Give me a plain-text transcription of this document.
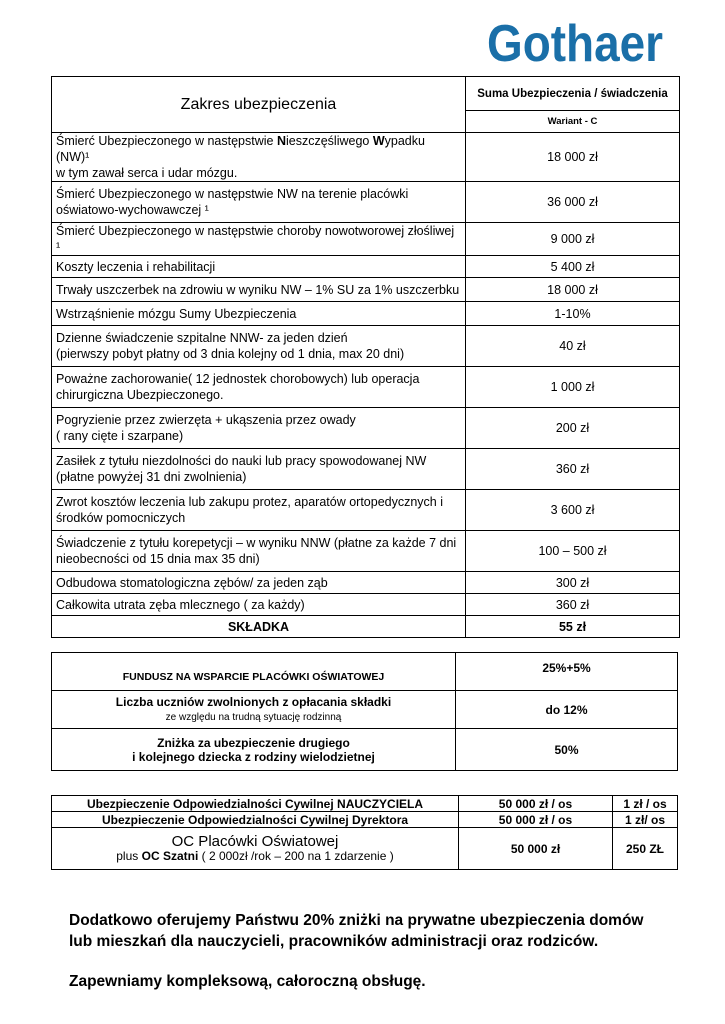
Gothaer
Zakres ubezpieczenia	Suma Ubezpieczenia / świadczenia
	Wariant - C
Śmierć Ubezpieczonego w następstwie Nieszczęśliwego Wypadku (NW)¹
w tym zawał serca i udar mózgu.	18 000 zł
Śmierć Ubezpieczonego w następstwie NW na terenie placówki
oświatowo-wychowawczej ¹	36 000 zł
Śmierć Ubezpieczonego w następstwie choroby nowotworowej złośliwej ¹	9 000 zł
Koszty leczenia i rehabilitacji	5 400 zł
Trwały uszczerbek na zdrowiu w wyniku NW – 1% SU za 1% uszczerbku	18 000 zł
Wstrząśnienie mózgu Sumy Ubezpieczenia	1-10%
Dzienne świadczenie szpitalne NNW- za jeden dzień
(pierwszy pobyt płatny od 3 dnia kolejny od 1 dnia, max 20 dni)	40 zł
Poważne zachorowanie( 12 jednostek chorobowych) lub operacja
chirurgiczna Ubezpieczonego.	1 000 zł
Pogryzienie przez zwierzęta + ukąszenia przez owady
( rany cięte i szarpane)	200 zł
Zasiłek z tytułu niezdolności do nauki lub pracy spowodowanej NW
(płatne powyżej 31 dni zwolnienia)	360 zł
Zwrot kosztów leczenia lub zakupu protez, aparatów ortopedycznych i
środków pomocniczych	3 600 zł
Świadczenie z tytułu korepetycji – w wyniku NNW (płatne za każde 7 dni
nieobecności od 15 dnia max 35 dni)	100 – 500 zł
Odbudowa stomatologiczna zębów/ za jeden ząb	300 zł
Całkowita utrata zęba mlecznego ( za każdy)	360 zł
SKŁADKA	55 zł
FUNDUSZ NA WSPARCIE PLACÓWKI OŚWIATOWEJ	25%+5%
Liczba uczniów zwolnionych z opłacania składki
ze względu na trudną sytuację rodzinną	do 12%
Zniżka za ubezpieczenie drugiego
i kolejnego dziecka z rodziny wielodzietnej	50%
Ubezpieczenie Odpowiedzialności Cywilnej NAUCZYCIELA	50 000 zł / os	1 zł / os
Ubezpieczenie Odpowiedzialności Cywilnej Dyrektora	50 000 zł / os	1 zł/ os
OC Placówki Oświatowej
plus OC Szatni ( 2 000zł /rok – 200 na 1 zdarzenie )	50 000 zł	250 ZŁ

Dodatkowo oferujemy Państwu 20% zniżki na prywatne ubezpieczenia domów lub mieszkań dla nauczycieli, pracowników administracji oraz rodziców.

Zapewniamy kompleksową, całoroczną obsługę.
